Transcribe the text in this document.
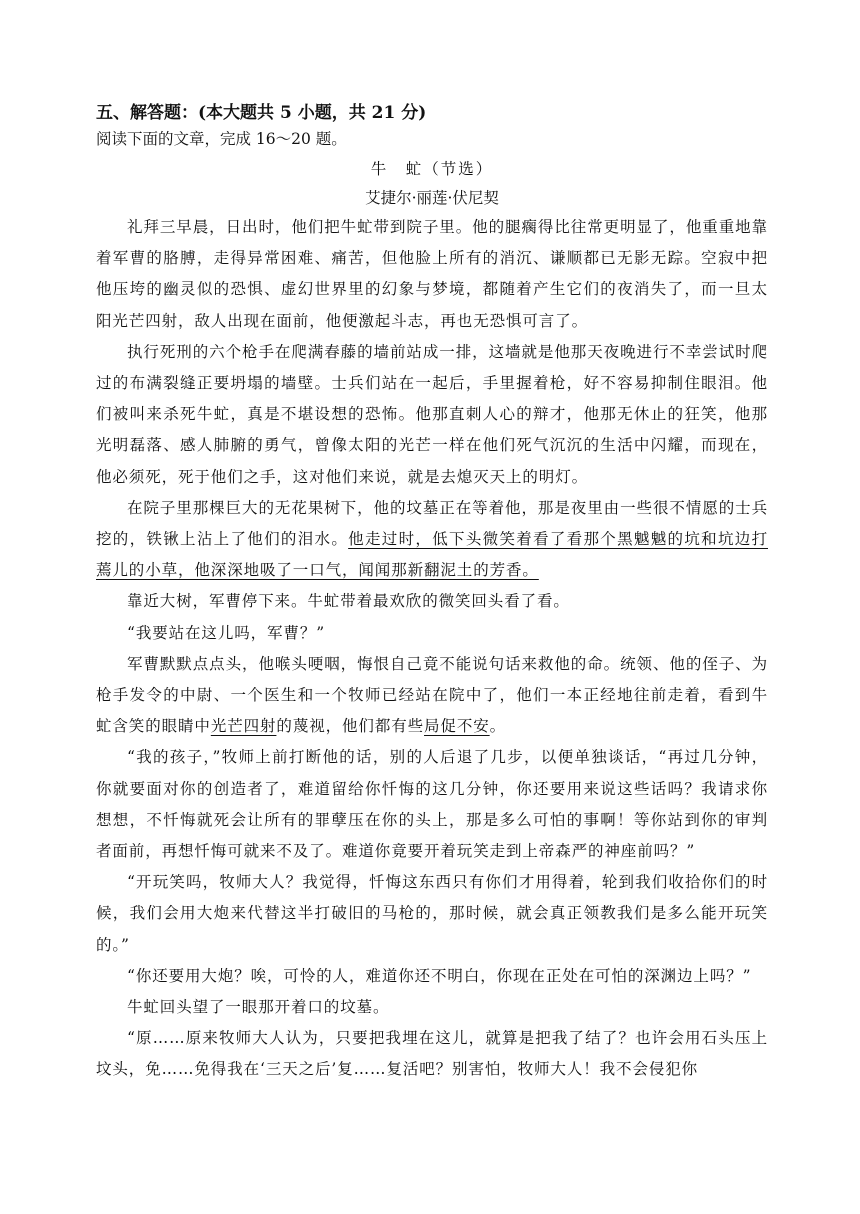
五、解答题：(本大题共 5 小题，共 21 分)

阅读下面的文章，完成 16～20 题。

牛　虻（节选）

艾捷尔·丽莲·伏尼契

礼拜三早晨，日出时，他们把牛虻带到院子里。他的腿瘸得比往常更明显了，他重重地靠着军曹的胳膊，走得异常困难、痛苦，但他脸上所有的消沉、谦顺都已无影无踪。空寂中把他压垮的幽灵似的恐惧、虚幻世界里的幻象与梦境，都随着产生它们的夜消失了，而一旦太阳光芒四射，敌人出现在面前，他便激起斗志，再也无恐惧可言了。

执行死刑的六个枪手在爬满春藤的墙前站成一排，这墙就是他那天夜晚进行不幸尝试时爬过的布满裂缝正要坍塌的墙壁。士兵们站在一起后，手里握着枪，好不容易抑制住眼泪。他们被叫来杀死牛虻，真是不堪设想的恐怖。他那直刺人心的辩才，他那无休止的狂笑，他那光明磊落、感人肺腑的勇气，曾像太阳的光芒一样在他们死气沉沉的生活中闪耀，而现在，他必须死，死于他们之手，这对他们来说，就是去熄灭天上的明灯。

在院子里那棵巨大的无花果树下，他的坟墓正在等着他，那是夜里由一些很不情愿的士兵挖的，铁锹上沾上了他们的泪水。他走过时，低下头微笑着看了看那个黑魆魆的坑和坑边打蔫儿的小草，他深深地吸了一口气，闻闻那新翻泥土的芳香。

靠近大树，军曹停下来。牛虻带着最欢欣的微笑回头看了看。

“我要站在这儿吗，军曹？”

军曹默默点点头，他喉头哽咽，悔恨自己竟不能说句话来救他的命。统领、他的侄子、为枪手发令的中尉、一个医生和一个牧师已经站在院中了，他们一本正经地往前走着，看到牛虻含笑的眼睛中光芒四射的蔑视，他们都有些局促不安。

“我的孩子，”牧师上前打断他的话，别的人后退了几步，以便单独谈话，“再过几分钟，你就要面对你的创造者了，难道留给你忏悔的这几分钟，你还要用来说这些话吗？我请求你想想，不忏悔就死会让所有的罪孽压在你的头上，那是多么可怕的事啊！等你站到你的审判者面前，再想忏悔可就来不及了。难道你竟要开着玩笑走到上帝森严的神座前吗？”

“开玩笑吗，牧师大人？我觉得，忏悔这东西只有你们才用得着，轮到我们收拾你们的时候，我们会用大炮来代替这半打破旧的马枪的，那时候，就会真正领教我们是多么能开玩笑的。”

“你还要用大炮？唉，可怜的人，难道你还不明白，你现在正处在可怕的深渊边上吗？”

牛虻回头望了一眼那开着口的坟墓。

“原……原来牧师大人认为，只要把我埋在这儿，就算是把我了结了？也许会用石头压上坟头，免……免得我在‘三天之后’复……复活吧？别害怕，牧师大人！我不会侵犯你
